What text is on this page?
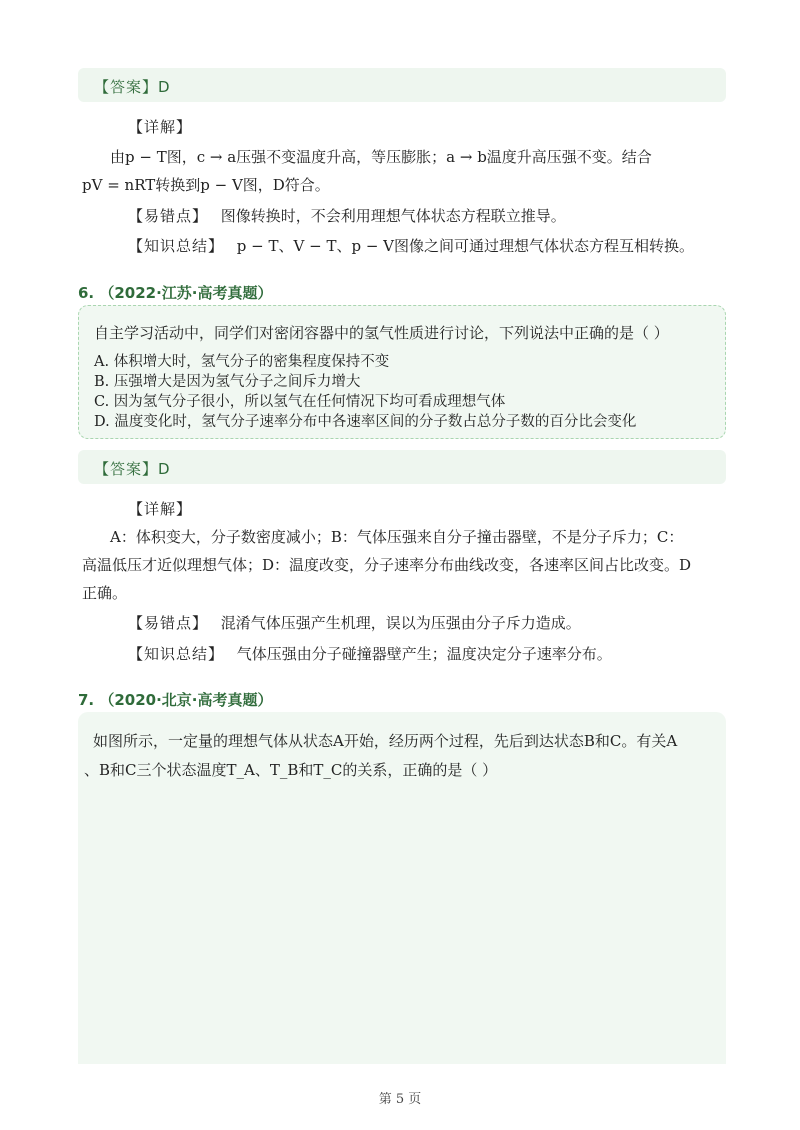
【答案】D
【详解】
由p − T图，c → a压强不变温度升高，等压膨胀；a → b温度升高压强不变。结合
pV = nRT转换到p − V图，D符合。
【易错点】 图像转换时，不会利用理想气体状态方程联立推导。
【知识总结】 p − T、V − T、p − V图像之间可通过理想气体状态方程互相转换。
6. （2022·江苏·高考真题）
自主学习活动中，同学们对密闭容器中的氢气性质进行讨论，下列说法中正确的是（ ）
A. 体积增大时，氢气分子的密集程度保持不变
B. 压强增大是因为氢气分子之间斥力增大
C. 因为氢气分子很小，所以氢气在任何情况下均可看成理想气体
D. 温度变化时，氢气分子速率分布中各速率区间的分子数占总分子数的百分比会变化
【答案】D
【详解】
A：体积变大，分子数密度减小；B：气体压强来自分子撞击器壁，不是分子斥力；C：
高温低压才近似理想气体；D：温度改变，分子速率分布曲线改变，各速率区间占比改变。D
正确。
【易错点】 混淆气体压强产生机理，误以为压强由分子斥力造成。
【知识总结】 气体压强由分子碰撞器壁产生；温度决定分子速率分布。
7. （2020·北京·高考真题）
如图所示，一定量的理想气体从状态A开始，经历两个过程，先后到达状态B和C。有关A
、B和C三个状态温度T_A、T_B和T_C的关系，正确的是（ ）
第 5 页
